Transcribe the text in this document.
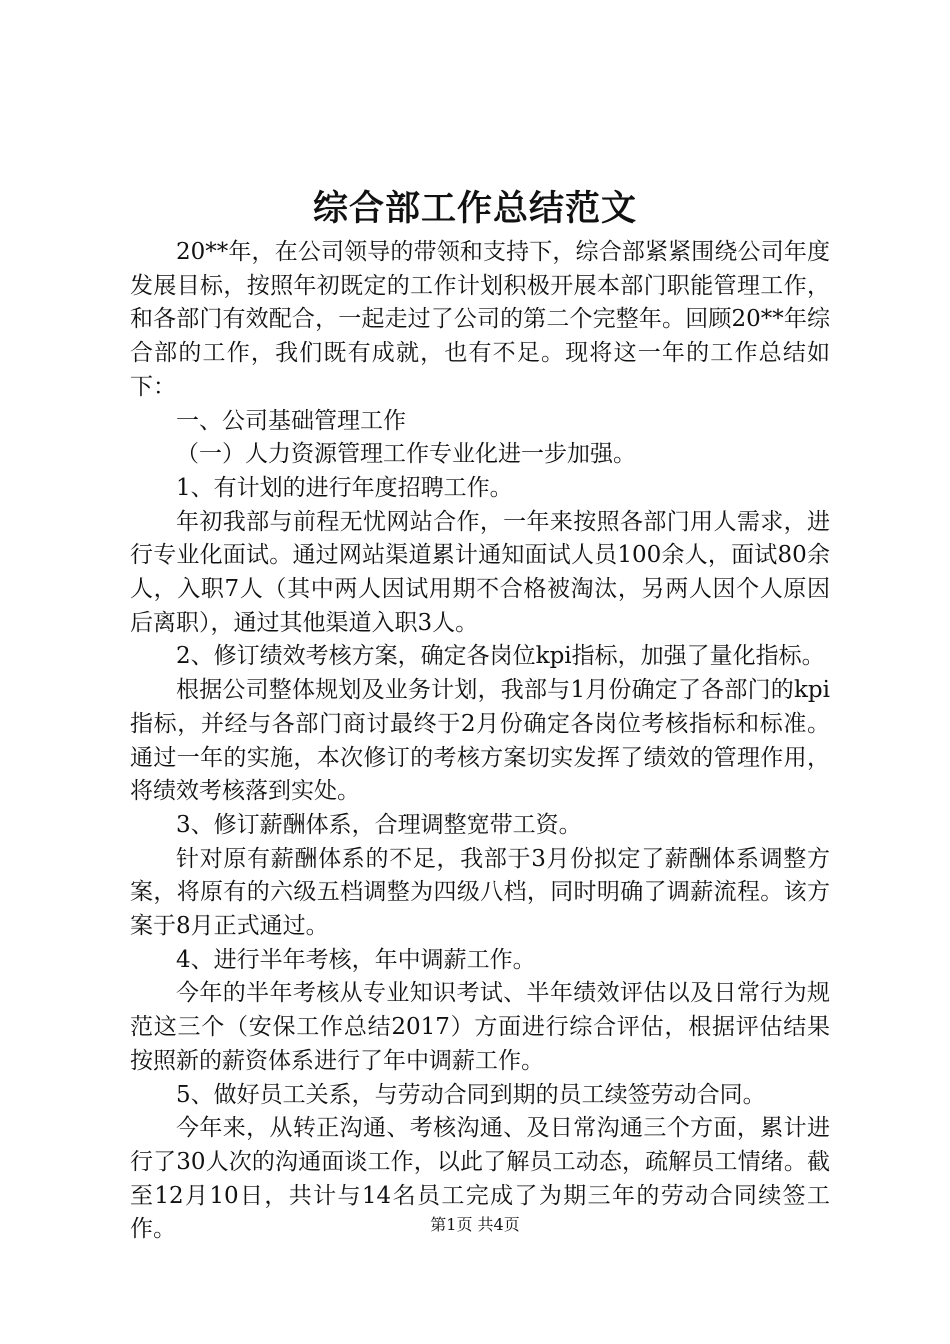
综合部工作总结范文

20**年，在公司领导的带领和支持下，综合部紧紧围绕公司年度发展目标，按照年初既定的工作计划积极开展本部门职能管理工作，和各部门有效配合，一起走过了公司的第二个完整年。回顾20**年综合部的工作，我们既有成就，也有不足。现将这一年的工作总结如下：

一、公司基础管理工作

（一）人力资源管理工作专业化进一步加强。

1、有计划的进行年度招聘工作。

年初我部与前程无忧网站合作，一年来按照各部门用人需求，进行专业化面试。通过网站渠道累计通知面试人员100余人，面试80余人，入职7人（其中两人因试用期不合格被淘汰，另两人因个人原因后离职），通过其他渠道入职3人。

2、修订绩效考核方案，确定各岗位kpi指标，加强了量化指标。

根据公司整体规划及业务计划，我部与1月份确定了各部门的kpi指标，并经与各部门商讨最终于2月份确定各岗位考核指标和标准。通过一年的实施，本次修订的考核方案切实发挥了绩效的管理作用，将绩效考核落到实处。

3、修订薪酬体系，合理调整宽带工资。

针对原有薪酬体系的不足，我部于3月份拟定了薪酬体系调整方案，将原有的六级五档调整为四级八档，同时明确了调薪流程。该方案于8月正式通过。

4、进行半年考核，年中调薪工作。

今年的半年考核从专业知识考试、半年绩效评估以及日常行为规范这三个（安保工作总结2017）方面进行综合评估，根据评估结果按照新的薪资体系进行了年中调薪工作。

5、做好员工关系，与劳动合同到期的员工续签劳动合同。

今年来，从转正沟通、考核沟通、及日常沟通三个方面，累计进行了30人次的沟通面谈工作，以此了解员工动态，疏解员工情绪。截至12月10日，共计与14名员工完成了为期三年的劳动合同续签工作。	第1页 共4页
